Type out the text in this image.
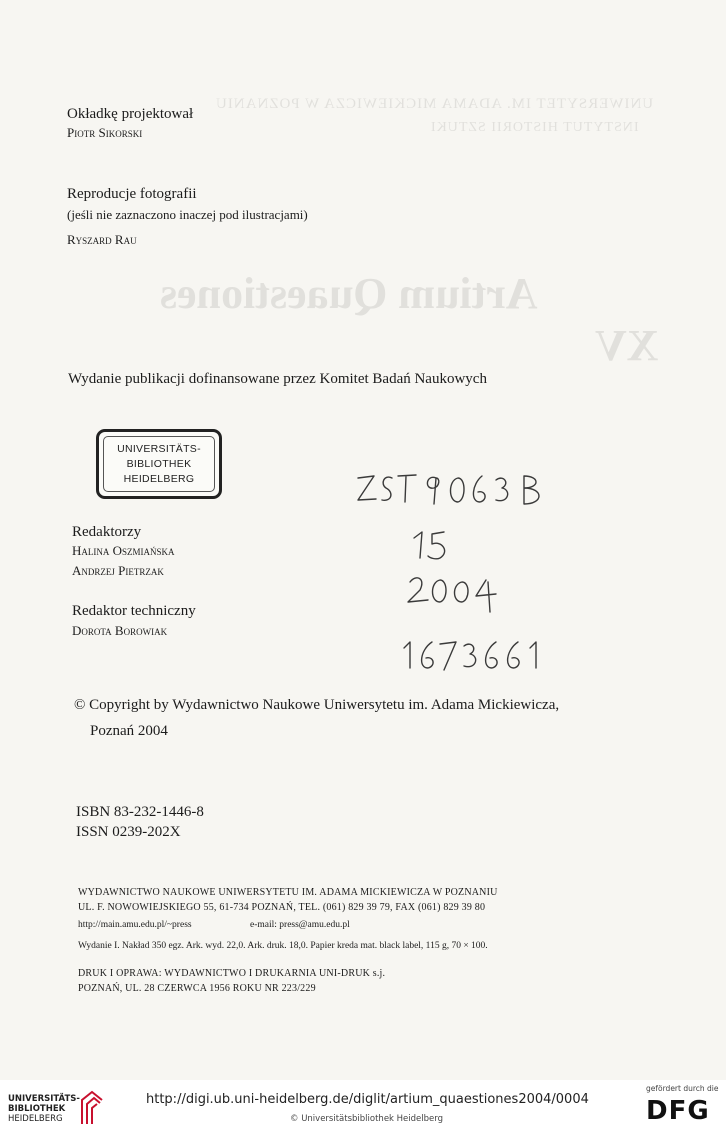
UNIWERSYTET IM. ADAMA MICKIEWICZA W POZNANIU
INSTYTUT HISTORII SZTUKI
Artium Quaestiones
XV
Okładkę projektował
Piotr Sikorski
Reproducje fotografii
(jeśli nie zaznaczono inaczej pod ilustracjami)
Ryszard Rau
Wydanie publikacji dofinansowane przez Komitet Badań Naukowych
UNIVERSITÄTS-
BIBLIOTHEK
HEIDELBERG
Redaktorzy
Halina Oszmiańska
Andrzej Pietrzak
Redaktor techniczny
Dorota Borowiak
© Copyright by Wydawnictwo Naukowe Uniwersytetu im. Adama Mickiewicza,
Poznań 2004
ISBN 83-232-1446-8
ISSN 0239-202X
WYDAWNICTWO NAUKOWE UNIWERSYTETU IM. ADAMA MICKIEWICZA W POZNANIU
UL. F. NOWOWIEJSKIEGO 55, 61-734 POZNAŃ, TEL. (061) 829 39 79, FAX (061) 829 39 80
http://main.amu.edu.pl/~press	e-mail: press@amu.edu.pl
Wydanie I. Nakład 350 egz. Ark. wyd. 22,0. Ark. druk. 18,0. Papier kreda mat. black label, 115 g, 70 × 100.
DRUK I OPRAWA: WYDAWNICTWO I DRUKARNIA UNI-DRUK s.j.
POZNAŃ, UL. 28 CZERWCA 1956 ROKU NR 223/229
UNIVERSITÄTS-
BIBLIOTHEK
HEIDELBERG
http://digi.ub.uni-heidelberg.de/diglit/artium_quaestiones2004/0004
© Universitätsbibliothek Heidelberg
gefördert durch die
DFG
